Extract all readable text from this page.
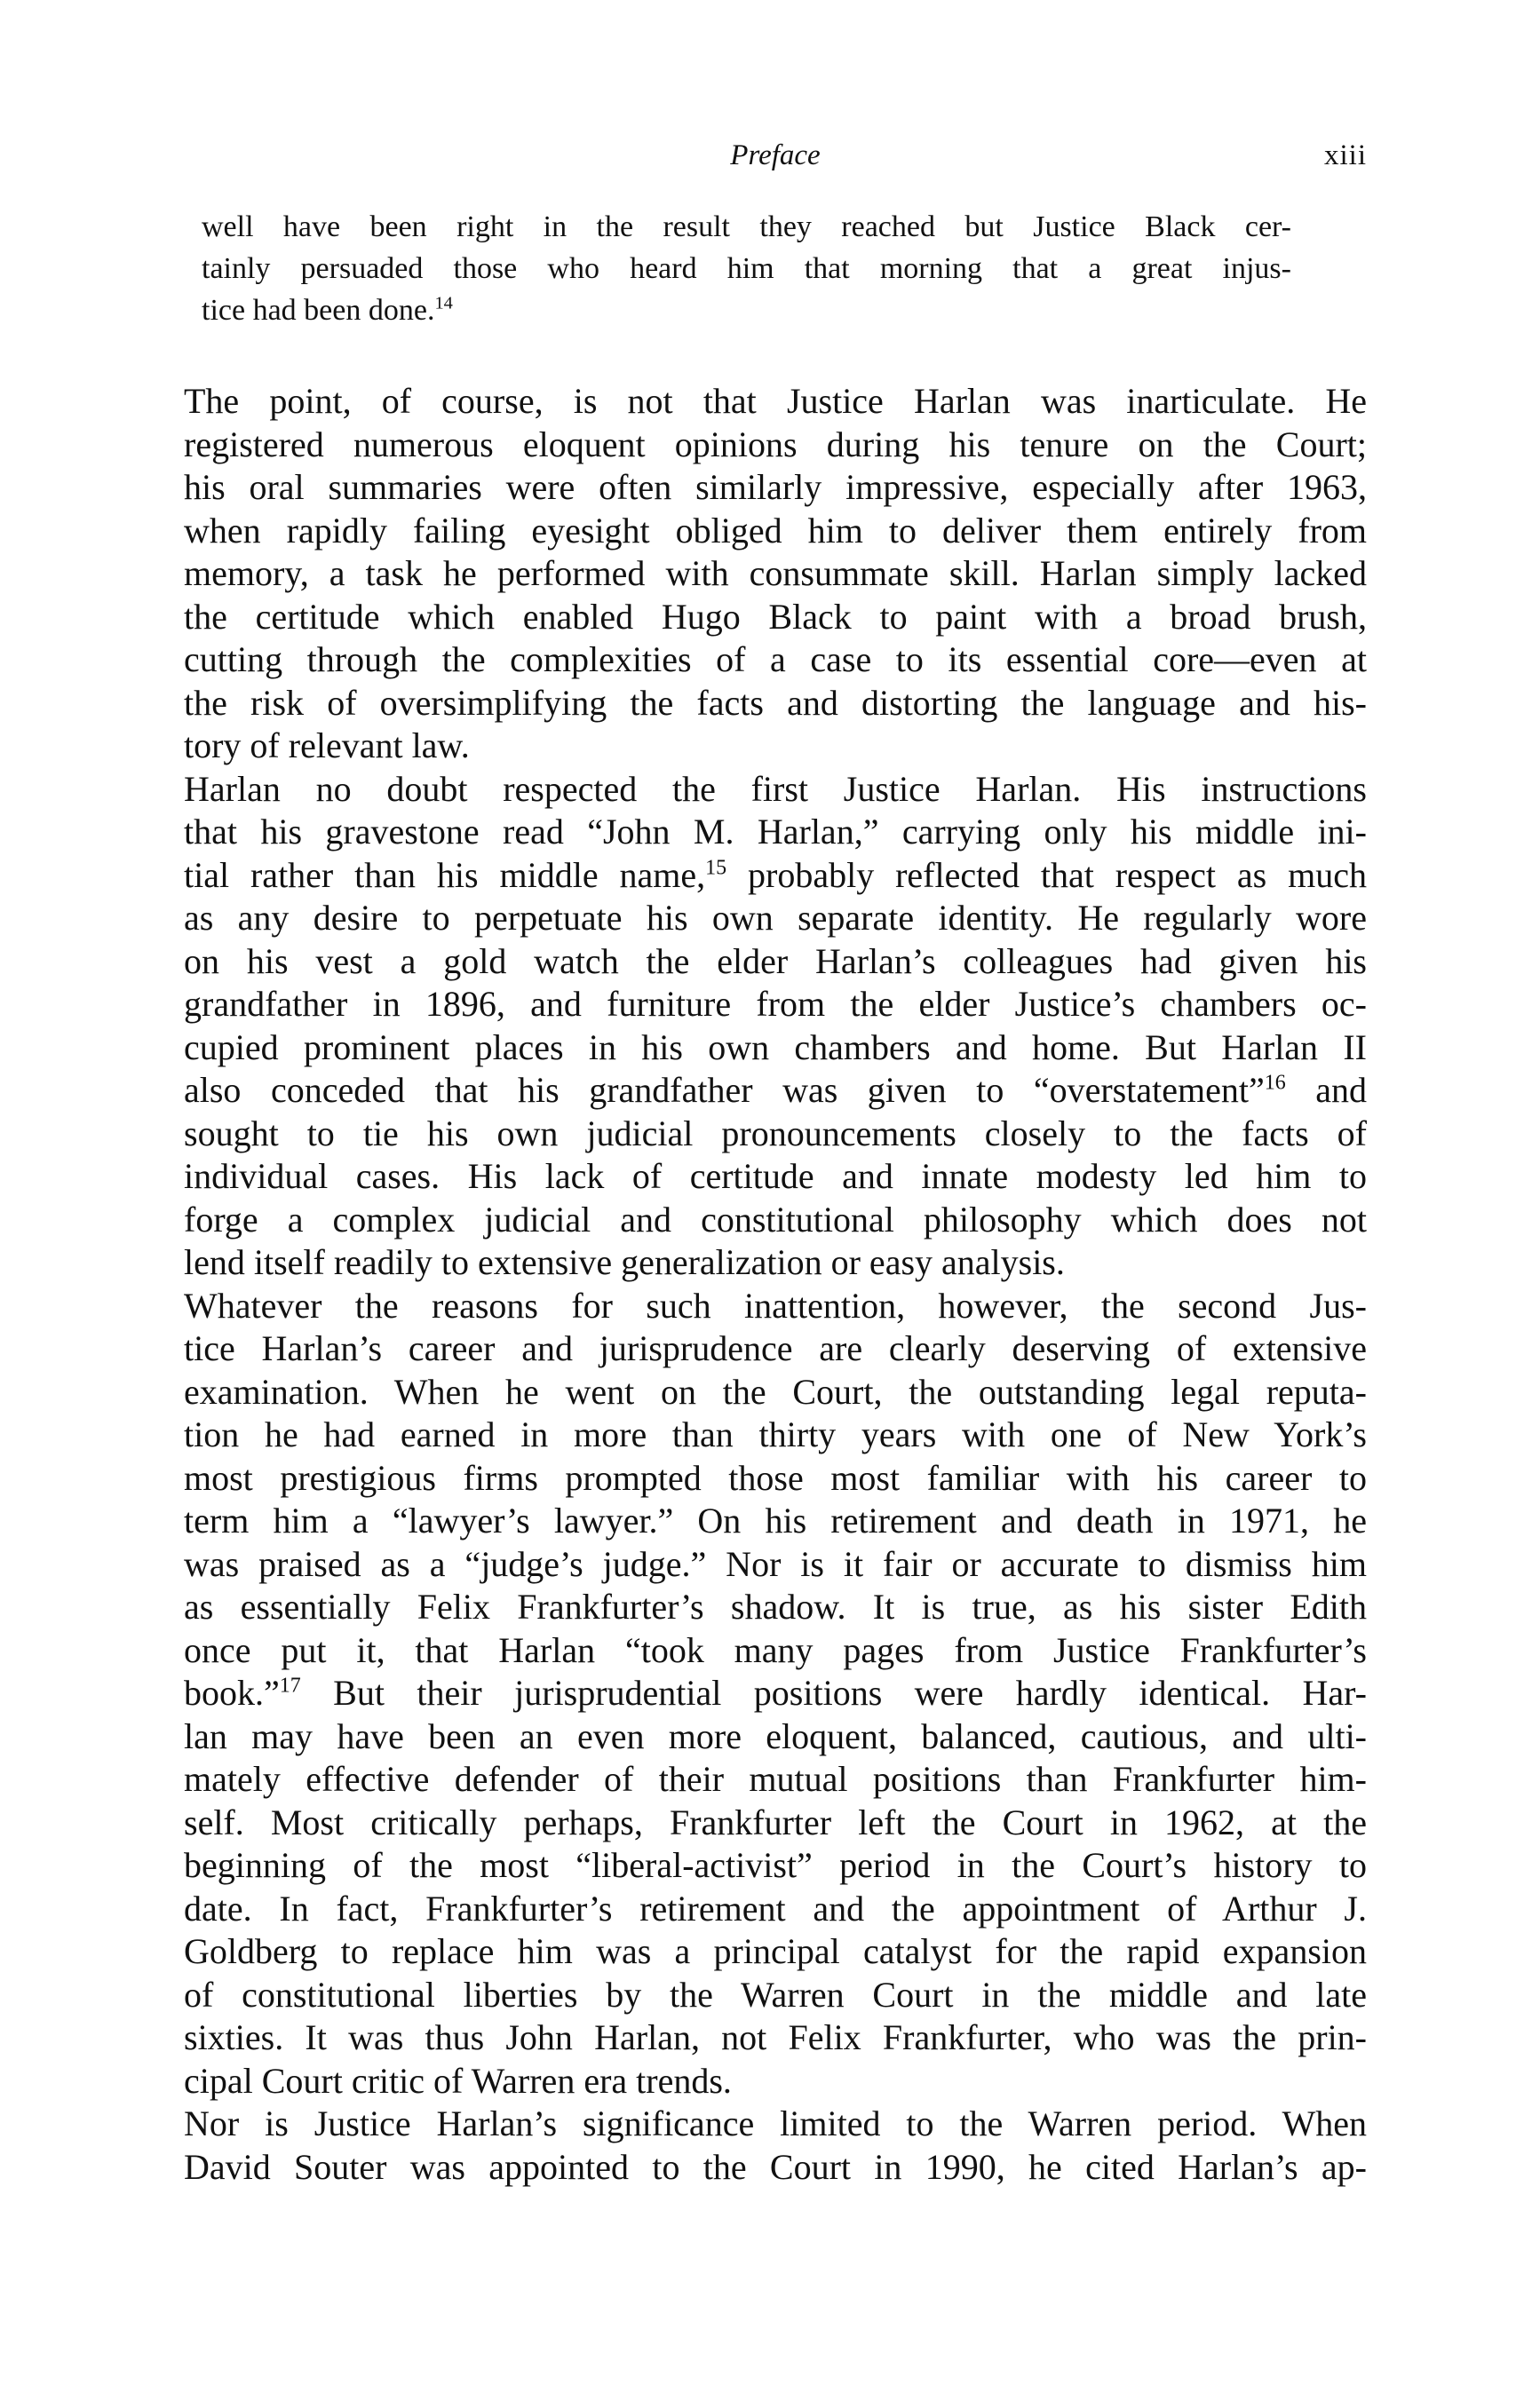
Preface	xiii
well have been right in the result they reached but Justice Black cer-
tainly persuaded those who heard him that morning that a great injus-
tice had been done.$^{14}$

The point, of course, is not that Justice Harlan was inarticulate. He
registered numerous eloquent opinions during his tenure on the Court;
his oral summaries were often similarly impressive, especially after 1963,
when rapidly failing eyesight obliged him to deliver them entirely from
memory, a task he performed with consummate skill. Harlan simply lacked
the certitude which enabled Hugo Black to paint with a broad brush,
cutting through the complexities of a case to its essential core—even at
the risk of oversimplifying the facts and distorting the language and his-
tory of relevant law.

Harlan no doubt respected the first Justice Harlan. His instructions
that his gravestone read “John M. Harlan,” carrying only his middle ini-
tial rather than his middle name,$^{15}$ probably reflected that respect as much
as any desire to perpetuate his own separate identity. He regularly wore
on his vest a gold watch the elder Harlan’s colleagues had given his
grandfather in 1896, and furniture from the elder Justice’s chambers oc-
cupied prominent places in his own chambers and home. But Harlan II
also conceded that his grandfather was given to “overstatement”$^{16}$ and
sought to tie his own judicial pronouncements closely to the facts of
individual cases. His lack of certitude and innate modesty led him to
forge a complex judicial and constitutional philosophy which does not
lend itself readily to extensive generalization or easy analysis.

Whatever the reasons for such inattention, however, the second Jus-
tice Harlan’s career and jurisprudence are clearly deserving of extensive
examination. When he went on the Court, the outstanding legal reputa-
tion he had earned in more than thirty years with one of New York’s
most prestigious firms prompted those most familiar with his career to
term him a “lawyer’s lawyer.” On his retirement and death in 1971, he
was praised as a “judge’s judge.” Nor is it fair or accurate to dismiss him
as essentially Felix Frankfurter’s shadow. It is true, as his sister Edith
once put it, that Harlan “took many pages from Justice Frankfurter’s
book.”$^{17}$ But their jurisprudential positions were hardly identical. Har-
lan may have been an even more eloquent, balanced, cautious, and ulti-
mately effective defender of their mutual positions than Frankfurter him-
self. Most critically perhaps, Frankfurter left the Court in 1962, at the
beginning of the most “liberal-activist” period in the Court’s history to
date. In fact, Frankfurter’s retirement and the appointment of Arthur J.
Goldberg to replace him was a principal catalyst for the rapid expansion
of constitutional liberties by the Warren Court in the middle and late
sixties. It was thus John Harlan, not Felix Frankfurter, who was the prin-
cipal Court critic of Warren era trends.

Nor is Justice Harlan’s significance limited to the Warren period. When
David Souter was appointed to the Court in 1990, he cited Harlan’s ap-
